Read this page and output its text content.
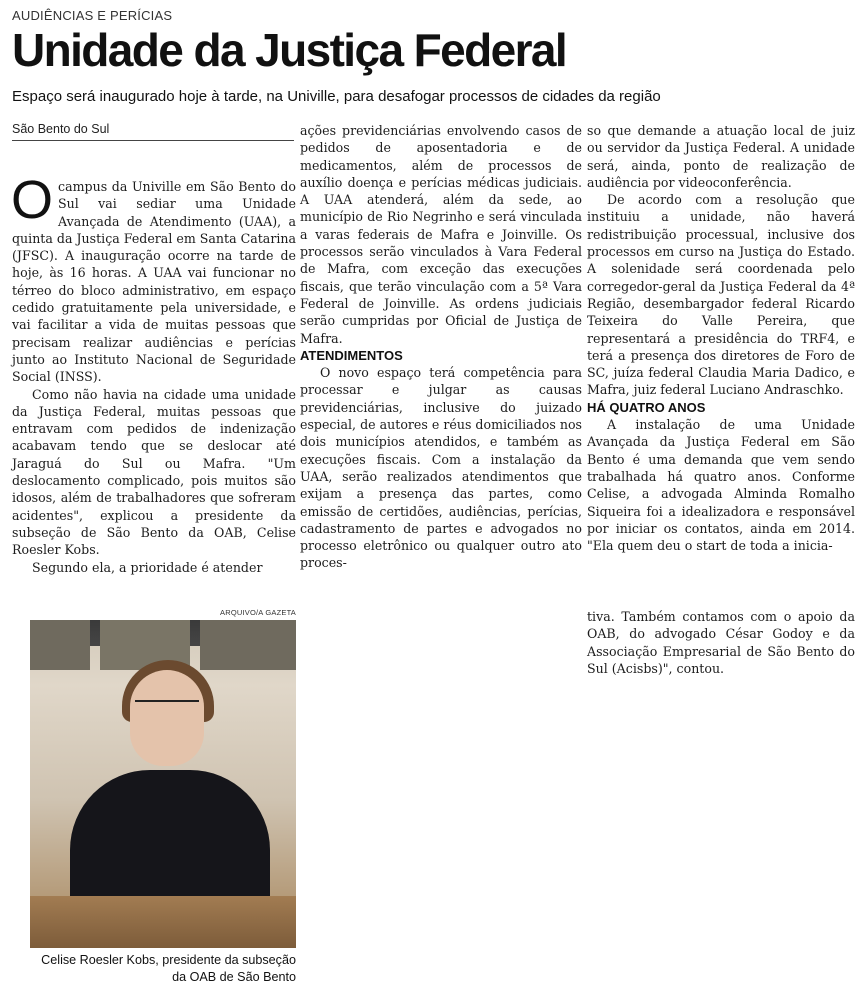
AUDIÊNCIAS E PERÍCIAS
Unidade da Justiça Federal
Espaço será inaugurado hoje à tarde, na Univille, para desafogar processos de cidades da região
São Bento do Sul

Ocampus da Univille em São Bento do Sul vai sediar uma Unidade Avançada de Atendimento (UAA), a quinta da Justiça Federal em Santa Catarina (JFSC). A inauguração ocorre na tarde de hoje, às 16 horas. A UAA vai funcionar no térreo do bloco administrativo, em espaço cedido gratuitamente pela universidade, e vai facilitar a vida de muitas pessoas que precisam realizar audiências e perícias junto ao Instituto Nacional de Seguridade Social (INSS).

Como não havia na cidade uma unidade da Justiça Federal, muitas pessoas que entravam com pedidos de indenização acabavam tendo que se deslocar até Jaraguá do Sul ou Mafra. "Um deslocamento complicado, pois muitos são idosos, além de trabalhadores que sofreram acidentes", explicou a presidente da subseção de São Bento da OAB, Celise Roesler Kobs.

Segundo ela, a prioridade é atender

ARQUIVO/A GAZETA
Celise Roesler Kobs, presidente da subseção da OAB de São Bento

ações previdenciárias envolvendo casos de pedidos de aposentadoria e de medicamentos, além de processos de auxílio doença e perícias médicas judiciais. A UAA atenderá, além da sede, ao município de Rio Negrinho e será vinculada a varas federais de Mafra e Joinville. Os processos serão vinculados à Vara Federal de Mafra, com exceção das execuções fiscais, que terão vinculação com a 5ª Vara Federal de Joinville. As ordens judiciais serão cumpridas por Oficial de Justiça de Mafra.

ATENDIMENTOS

O novo espaço terá competência para processar e julgar as causas previdenciárias, inclusive do juizado especial, de autores e réus domiciliados nos dois municípios atendidos, e também as execuções fiscais. Com a instalação da UAA, serão realizados atendimentos que exijam a presença das partes, como emissão de certidões, audiências, perícias, cadastramento de partes e advogados no processo eletrônico ou qualquer outro ato proces-

so que demande a atuação local de juiz ou servidor da Justiça Federal. A unidade será, ainda, ponto de realização de audiência por videoconferência.

De acordo com a resolução que instituiu a unidade, não haverá redistribuição processual, inclusive dos processos em curso na Justiça do Estado. A solenidade será coordenada pelo corregedor-geral da Justiça Federal da 4ª Região, desembargador federal Ricardo Teixeira do Valle Pereira, que representará a presidência do TRF4, e terá a presença dos diretores de Foro de SC, juíza federal Claudia Maria Dadico, e Mafra, juiz federal Luciano Andraschko.

HÁ QUATRO ANOS

A instalação de uma Unidade Avançada da Justiça Federal em São Bento é uma demanda que vem sendo trabalhada há quatro anos. Conforme Celise, a advogada Alminda Romalho Siqueira foi a idealizadora e responsável por iniciar os contatos, ainda em 2014. "Ela quem deu o start de toda a inicia-

tiva. Também contamos com o apoio da OAB, do advogado César Godoy e da Associação Empresarial de São Bento do Sul (Acisbs)", contou.
